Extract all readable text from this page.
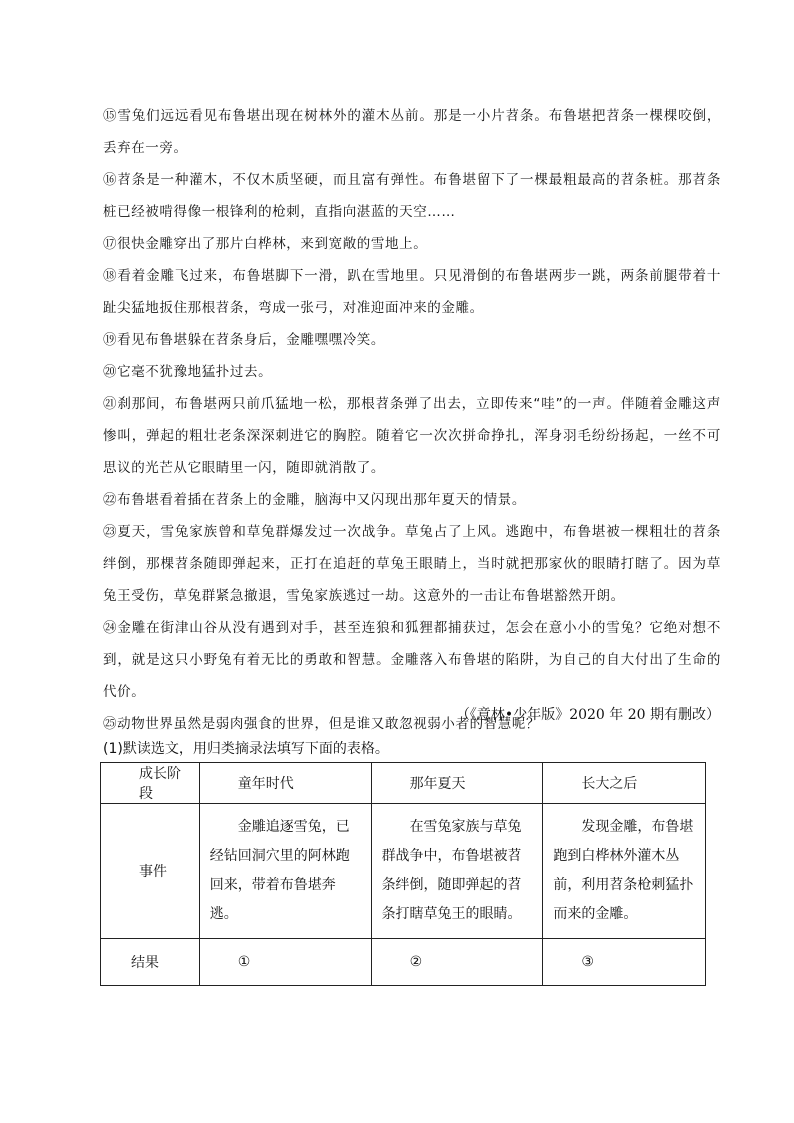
⑮雪兔们远远看见布鲁堪出现在树林外的灌木丛前。那是一小片苕条。布鲁堪把苕条一棵棵咬倒，丢弃在一旁。

⑯苕条是一种灌木，不仅木质坚硬，而且富有弹性。布鲁堪留下了一棵最粗最高的苕条桩。那苕条桩已经被啃得像一根锋利的枪刺，直指向湛蓝的天空……

⑰很快金雕穿出了那片白桦林，来到宽敞的雪地上。

⑱看着金雕飞过来，布鲁堪脚下一滑，趴在雪地里。只见滑倒的布鲁堪两步一跳，两条前腿带着十趾尖猛地扳住那根苕条，弯成一张弓，对准迎面冲来的金雕。

⑲看见布鲁堪躲在苕条身后，金雕嘿嘿冷笑。

⑳它毫不犹豫地猛扑过去。

㉑刹那间，布鲁堪两只前爪猛地一松，那根苕条弹了出去，立即传来“哇”的一声。伴随着金雕这声惨叫，弹起的粗壮老条深深刺进它的胸腔。随着它一次次拼命挣扎，浑身羽毛纷纷扬起，一丝不可思议的光芒从它眼睛里一闪，随即就消散了。

㉒布鲁堪看着插在苕条上的金雕，脑海中又闪现出那年夏天的情景。

㉓夏天，雪兔家族曾和草兔群爆发过一次战争。草兔占了上风。逃跑中，布鲁堪被一棵粗壮的苕条绊倒，那棵苕条随即弹起来，正打在追赶的草兔王眼睛上，当时就把那家伙的眼睛打瞎了。因为草兔王受伤，草兔群紧急撤退，雪兔家族逃过一劫。这意外的一击让布鲁堪豁然开朗。

㉔金雕在街津山谷从没有遇到对手，甚至连狼和狐狸都捕获过，怎会在意小小的雪兔？它绝对想不到，就是这只小野兔有着无比的勇敢和智慧。金雕落入布鲁堪的陷阱，为自己的自大付出了生命的代价。

㉕动物世界虽然是弱肉强食的世界，但是谁又敢忽视弱小者的智慧呢？

（《意林•少年版》2020 年 20 期有删改）
(1)默读选文，用归类摘录法填写下面的表格。
成长阶段	童年时代	那年夏天	长大之后
事件	金雕追逐雪兔，已经钻回洞穴里的阿林跑回来，带着布鲁堪奔逃。	在雪兔家族与草兔群战争中，布鲁堪被苕条绊倒，随即弹起的苕条打瞎草兔王的眼睛。	发现金雕，布鲁堪跑到白桦林外灌木丛前，利用苕条枪刺猛扑而来的金雕。

结果	①	②	③
